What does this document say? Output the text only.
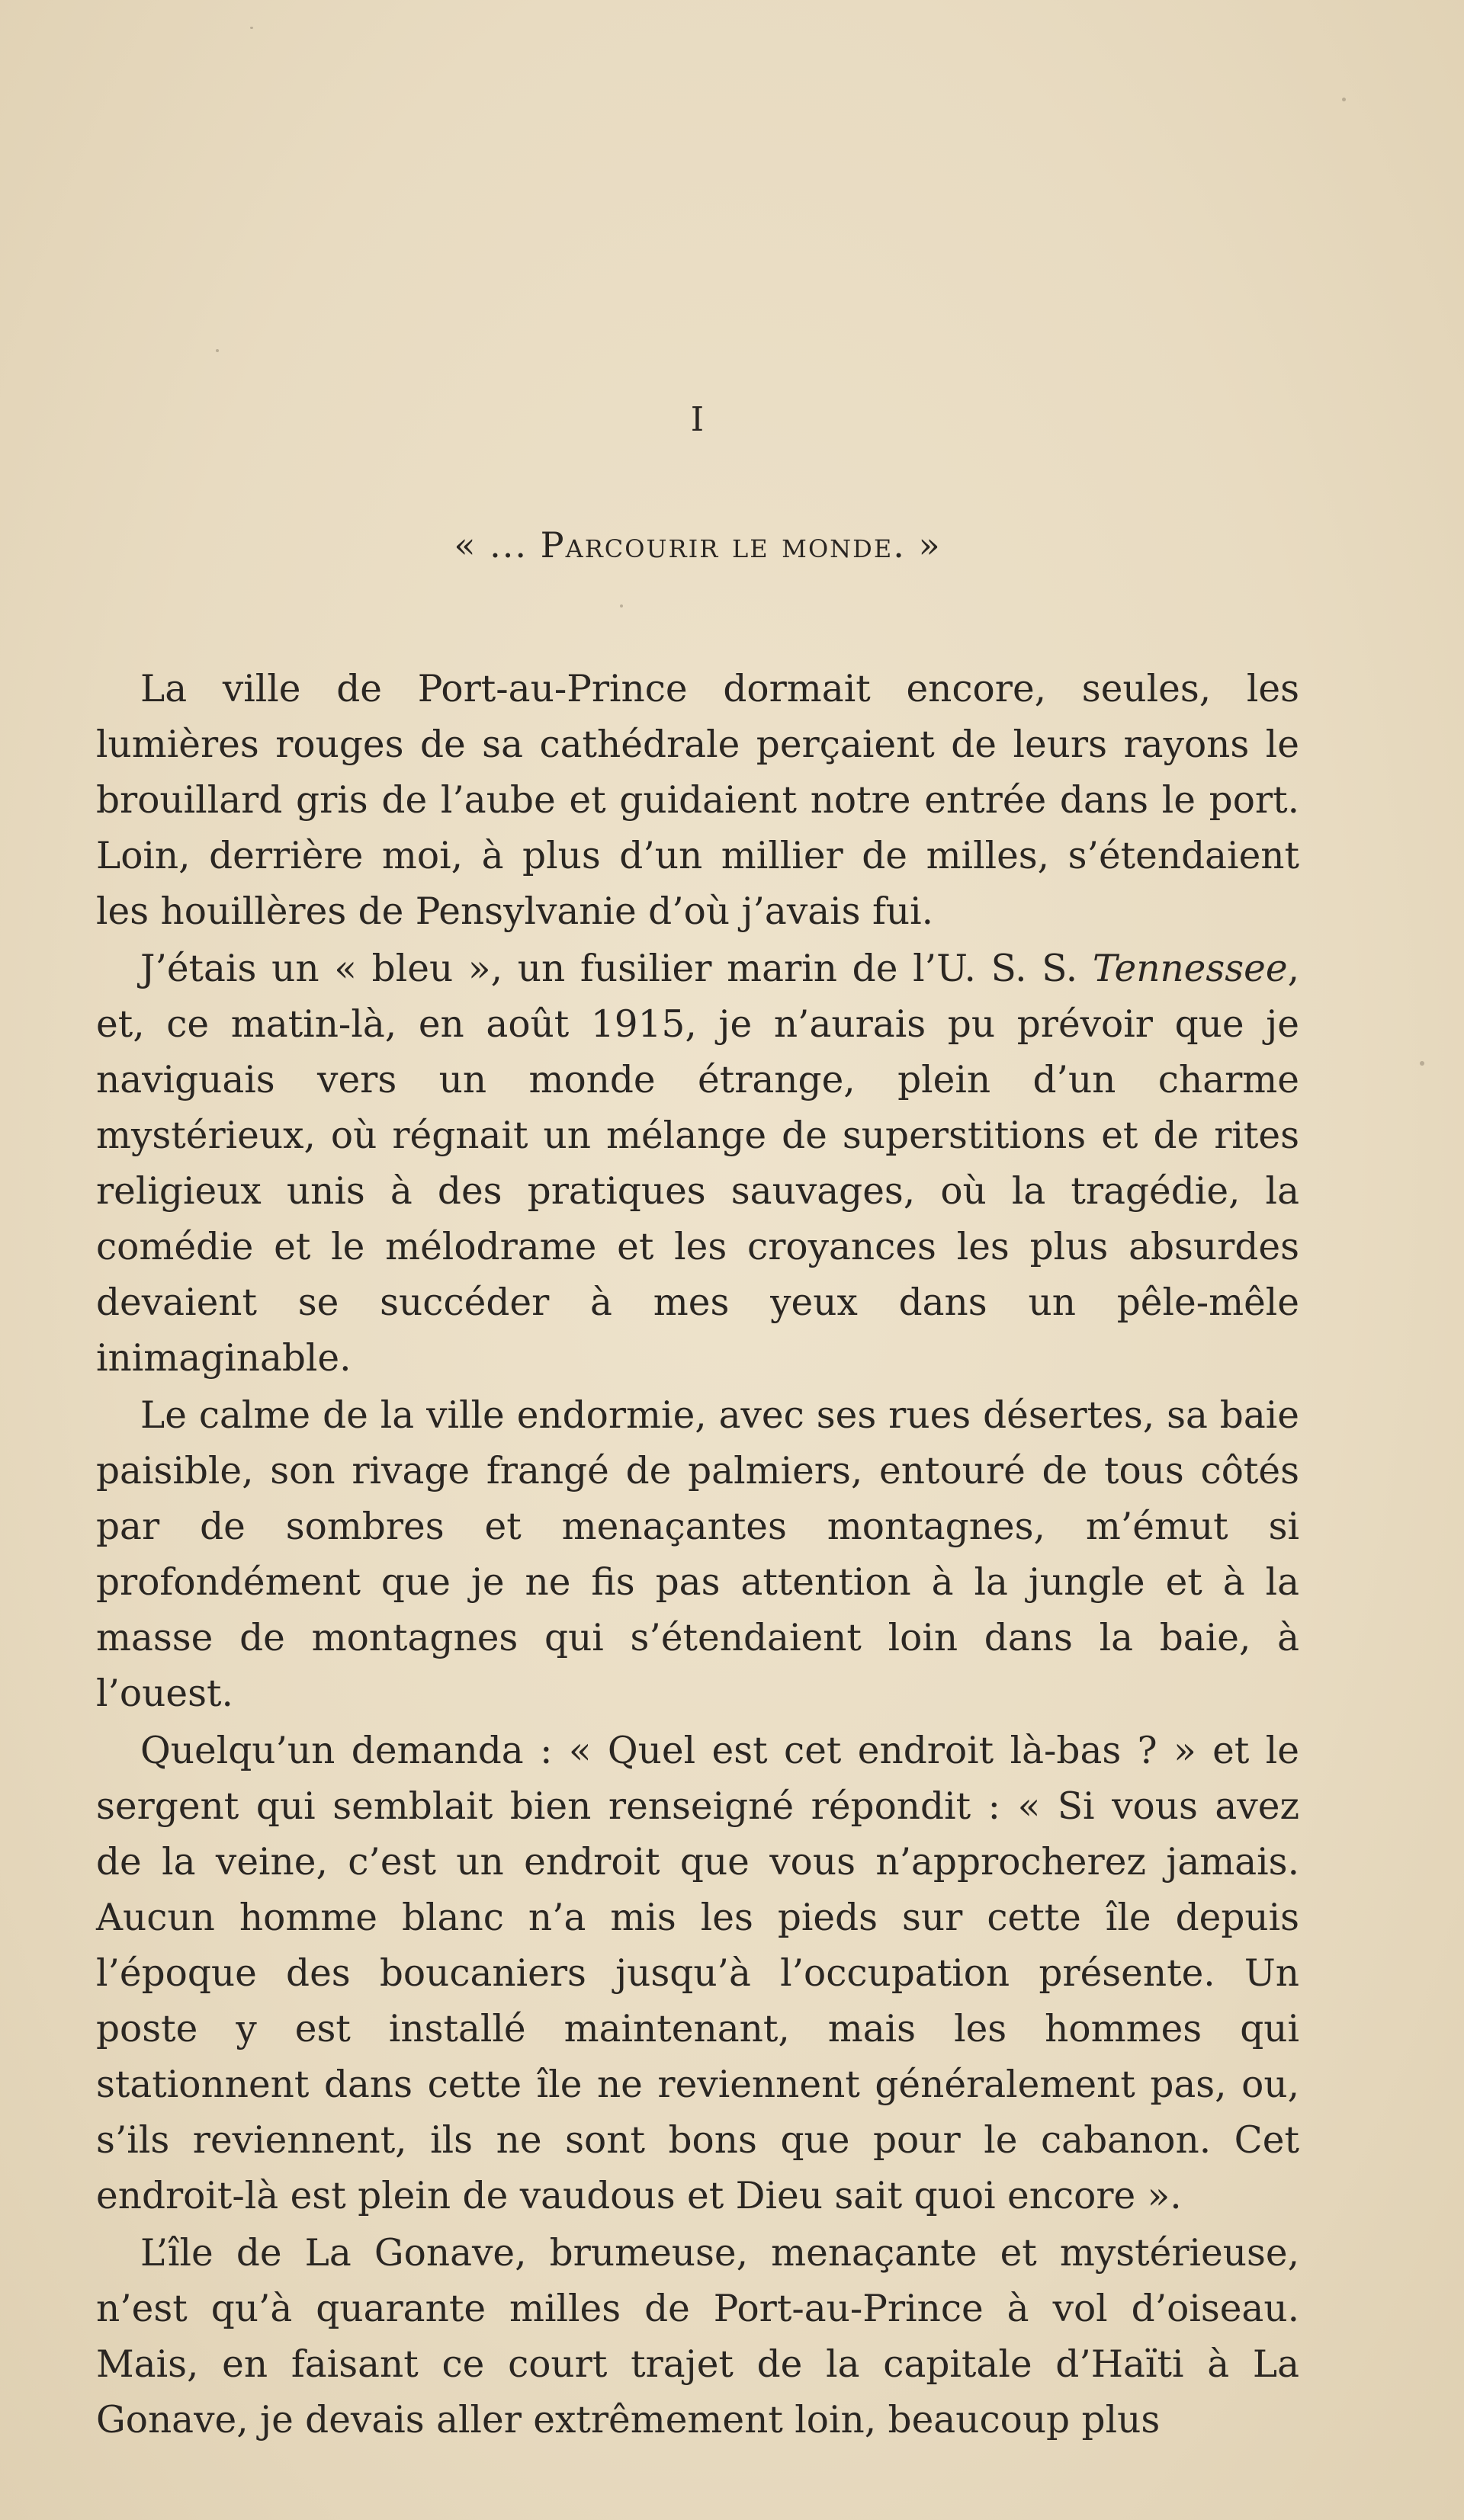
I
« ... Parcourir le monde. »

La ville de Port-au-Prince dormait encore, seules, les lumières rouges de sa cathédrale perçaient de leurs rayons le brouillard gris de l’aube et guidaient notre entrée dans le port. Loin, derrière moi, à plus d’un millier de milles, s’étendaient les houillères de Pensylvanie d’où j’avais fui.

J’étais un « bleu », un fusilier marin de l’U. S. S. Tennessee, et, ce matin-là, en août 1915, je n’aurais pu prévoir que je naviguais vers un monde étrange, plein d’un charme mystérieux, où régnait un mélange de superstitions et de rites religieux unis à des pratiques sauvages, où la tragédie, la comédie et le mélodrame et les croyances les plus absurdes devaient se succéder à mes yeux dans un pêle-mêle inimaginable.

Le calme de la ville endormie, avec ses rues désertes, sa baie paisible, son rivage frangé de palmiers, entouré de tous côtés par de sombres et menaçantes montagnes, m’émut si profondément que je ne fis pas attention à la jungle et à la masse de montagnes qui s’étendaient loin dans la baie, à l’ouest.

Quelqu’un demanda : « Quel est cet endroit là-bas ? » et le sergent qui semblait bien renseigné répondit : « Si vous avez de la veine, c’est un endroit que vous n’approcherez jamais. Aucun homme blanc n’a mis les pieds sur cette île depuis l’époque des boucaniers jusqu’à l’occupation présente. Un poste y est installé maintenant, mais les hommes qui stationnent dans cette île ne reviennent généralement pas, ou, s’ils reviennent, ils ne sont bons que pour le cabanon. Cet endroit-là est plein de vaudous et Dieu sait quoi encore ».

L’île de La Gonave, brumeuse, menaçante et mystérieuse, n’est qu’à quarante milles de Port-au-Prince à vol d’oiseau. Mais, en faisant ce court trajet de la capitale d’Haïti à La Gonave, je devais aller extrêmement loin, beaucoup plus
